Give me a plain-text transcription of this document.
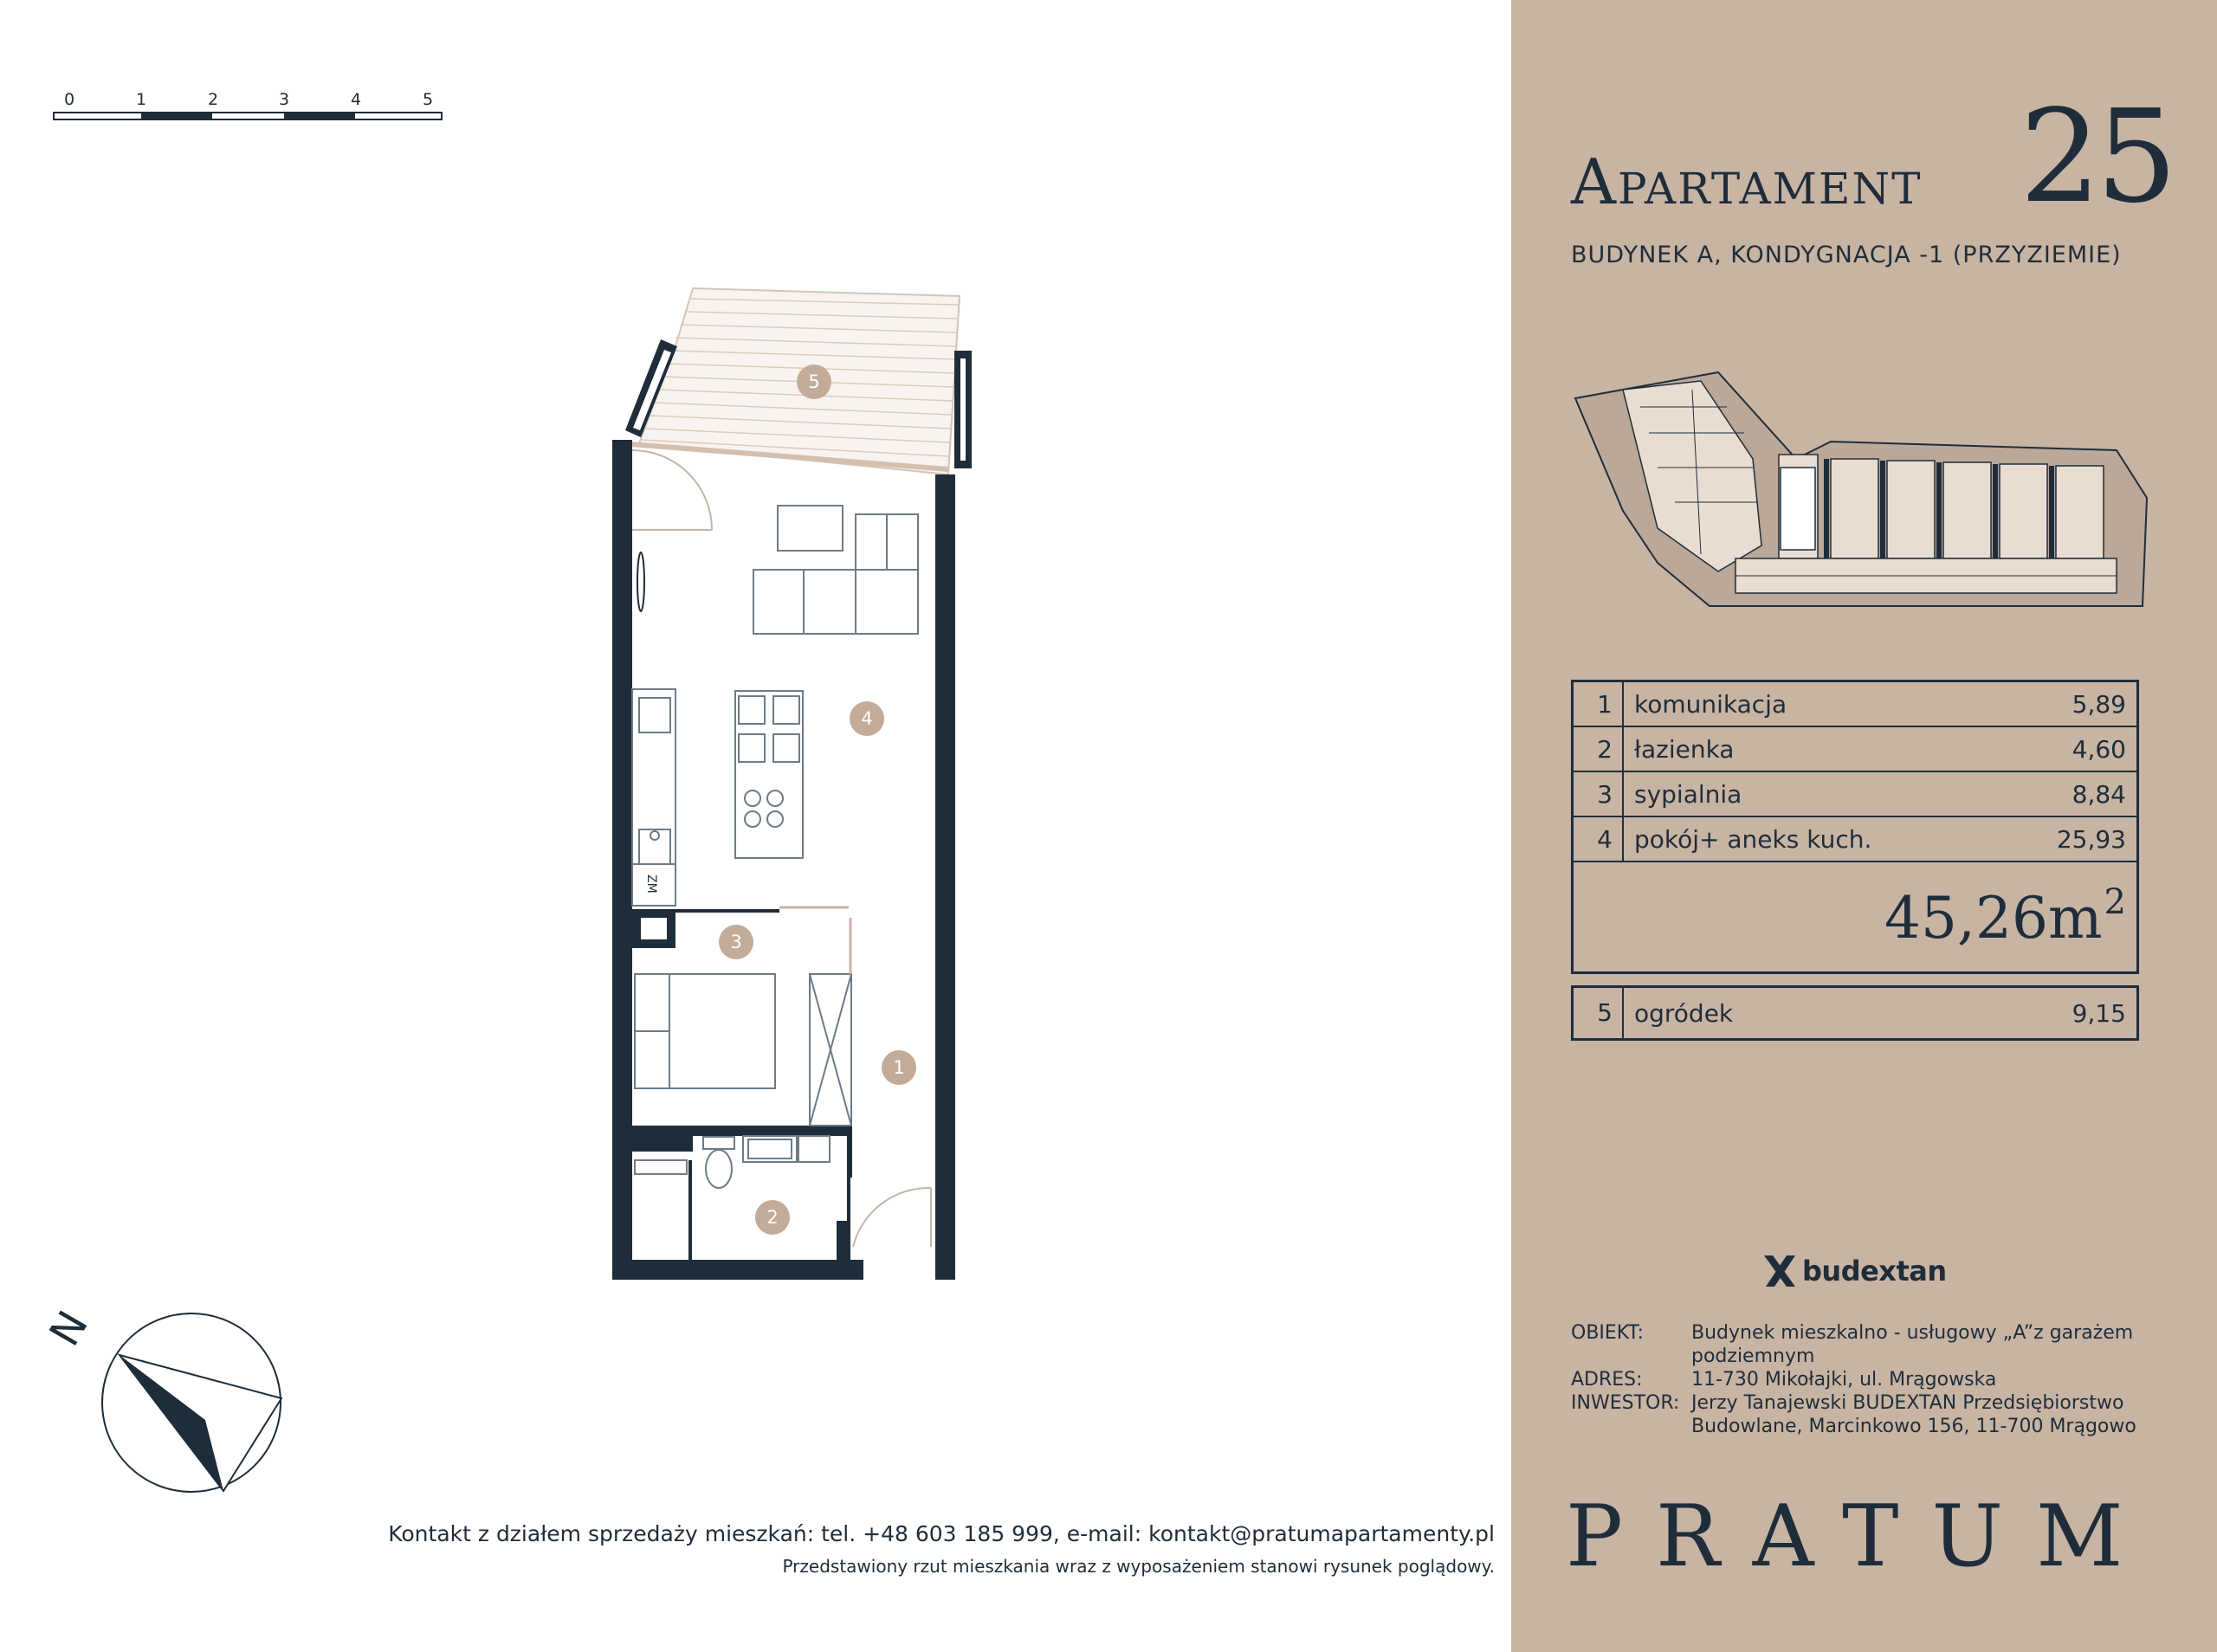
0	1	2	3	4	5
ZM
N
5
4
3
1
2
Kontakt z działem sprzedaży mieszkań: tel. +48 603 185 999, e-mail: kontakt@pratumapartamenty.pl
Przedstawiony rzut mieszkania wraz z wyposażeniem stanowi rysunek poglądowy.
Apartament 25
BUDYNEK A, KONDYGNACJA -1 (PRZYZIEMIE)
1 komunikacja	5,89
2 łazienka	4,60
3 sypialnia	8,84
4 pokój+ aneks kuch.	25,93
$45,26m^2$
5 ogródek	9,15
budextan
OBIEKT:	Budynek mieszkalno - usługowy „A”z garażem podziemnym
ADRES:	11-730 Mikołajki, ul. Mrągowska
INWESTOR: Jerzy Tanajewski BUDEXTAN Przedsiębiorstwo Budowlane, Marcinkowo 156, 11-700 Mrągowo
PRATUM
